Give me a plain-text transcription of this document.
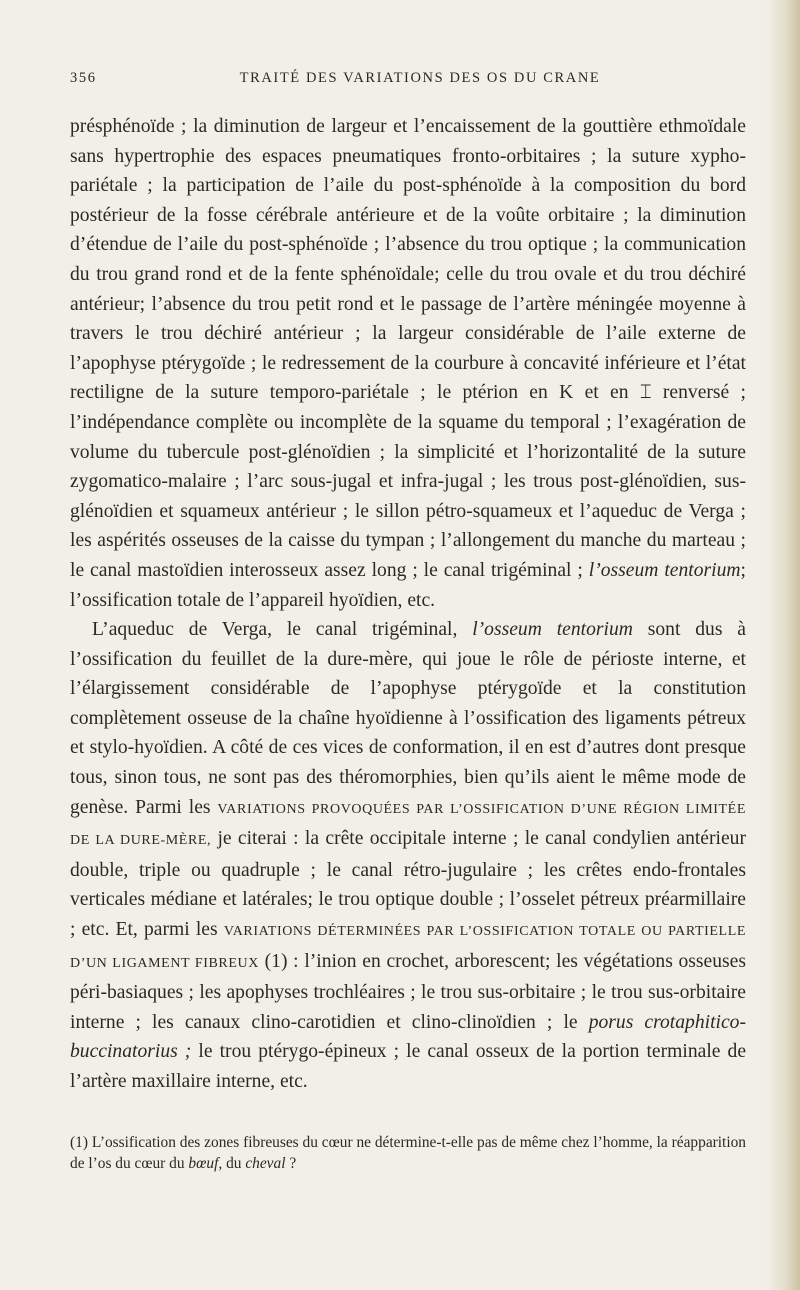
356	TRAITÉ DES VARIATIONS DES OS DU CRANE

présphénoïde ; la diminution de largeur et l’encaissement de la gouttière ethmoïdale sans hypertrophie des espaces pneumatiques fronto-orbitaires ; la suture xypho-pariétale ; la participation de l’aile du post-sphénoïde à la composition du bord postérieur de la fosse cérébrale antérieure et de la voûte orbitaire ; la diminution d’étendue de l’aile du post-sphénoïde ; l’absence du trou optique ; la communication du trou grand rond et de la fente sphénoïdale; celle du trou ovale et du trou déchiré antérieur; l’absence du trou petit rond et le passage de l’artère méningée moyenne à travers le trou déchiré antérieur ; la largeur considérable de l’aile externe de l’apophyse ptérygoïde ; le redressement de la courbure à concavité inférieure et l’état rectiligne de la suture temporo-pariétale ; le ptérion en K et en ⌶ renversé ; l’indépendance complète ou incomplète de la squame du temporal ; l’exagération de volume du tubercule post-glénoïdien ; la simplicité et l’horizontalité de la suture zygomatico-malaire ; l’arc sous-jugal et infra-jugal ; les trous post-glénoïdien, sus-glénoïdien et squameux antérieur ; le sillon pétro-squameux et l’aqueduc de Verga ; les aspérités osseuses de la caisse du tympan ; l’allongement du manche du marteau ; le canal mastoïdien interosseux assez long ; le canal trigéminal ; l’osseum tentorium; l’ossification totale de l’appareil hyoïdien, etc.

L’aqueduc de Verga, le canal trigéminal, l’osseum tentorium sont dus à l’ossification du feuillet de la dure-mère, qui joue le rôle de périoste interne, et l’élargissement considérable de l’apophyse ptérygoïde et la constitution complètement osseuse de la chaîne hyoïdienne à l’ossification des ligaments pétreux et stylo-hyoïdien. A côté de ces vices de conformation, il en est d’autres dont presque tous, sinon tous, ne sont pas des théromorphies, bien qu’ils aient le même mode de genèse. Parmi les VARIATIONS PROVOQUÉES PAR L’OSSIFICATION D’UNE RÉGION LIMITÉE DE LA DURE-MÈRE, je citerai : la crête occipitale interne ; le canal condylien antérieur double, triple ou quadruple ; le canal rétro-jugulaire ; les crêtes endo-frontales verticales médiane et latérales; le trou optique double ; l’osselet pétreux préarmillaire ; etc. Et, parmi les VARIATIONS DÉTERMINÉES PAR L’OSSIFICATION TOTALE OU PARTIELLE D’UN LIGAMENT FIBREUX (1) : l’inion en crochet, arborescent; les végétations osseuses péri-basiaques ; les apophyses trochléaires ; le trou sus-orbitaire ; le trou sus-orbitaire interne ; les canaux clino-carotidien et clino-clinoïdien ; le porus crotaphitico-buccinatorius ; le trou ptérygo-épineux ; le canal osseux de la portion terminale de l’artère maxillaire interne, etc.

(1) L’ossification des zones fibreuses du cœur ne détermine-t-elle pas de même chez l’homme, la réapparition de l’os du cœur du bœuf, du cheval ?
